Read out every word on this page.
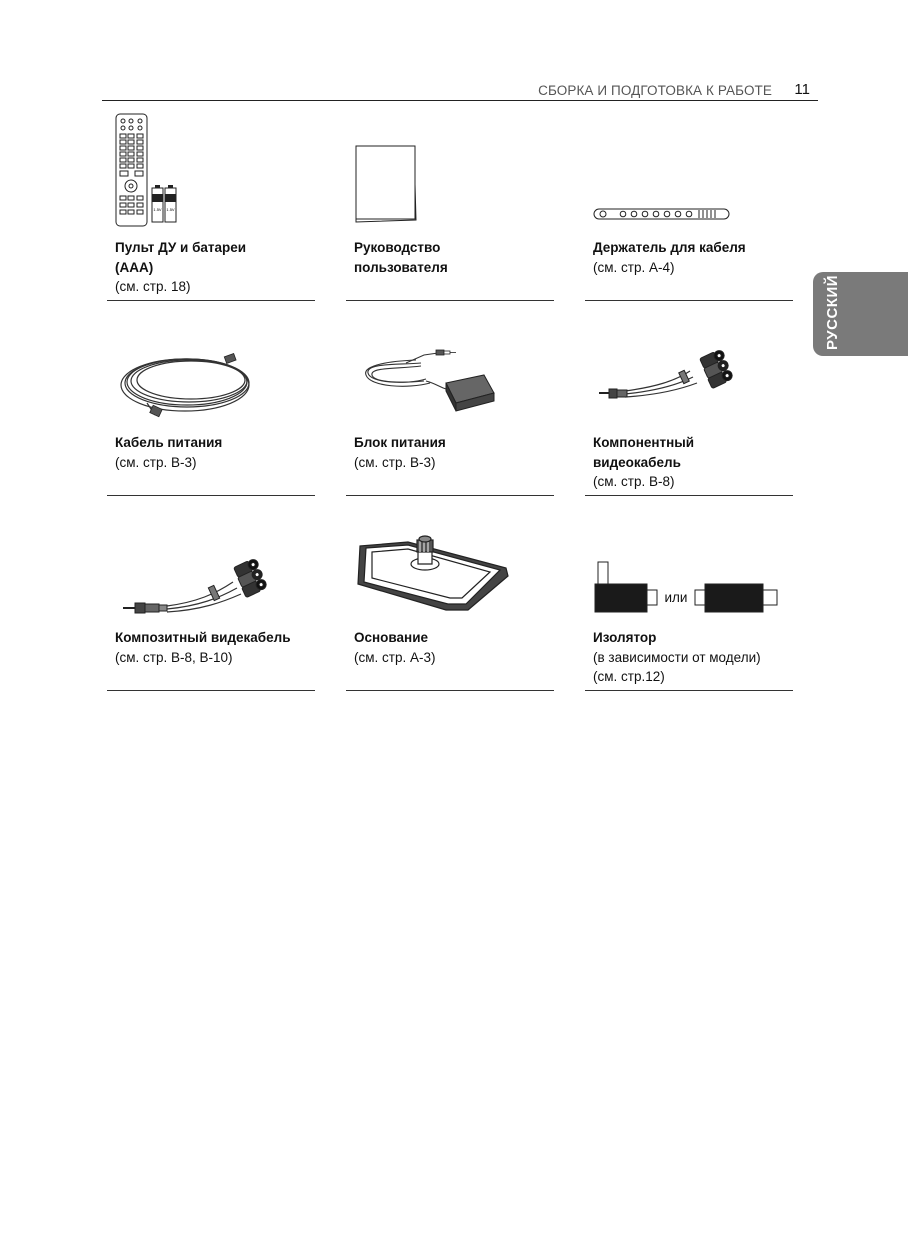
СБОРКА И ПОДГОТОВКА К РАБОТЕ 11
РУССКИЙ
1.5V 1.5V
Пульт ДУ и батареи
(AAA)
(см. стр. 18)
Руководство
пользователя
Держатель для кабеля
(см. стр. A-4)
Кабель питания
(см. стр. B-3)
Блок питания
(см. стр. B-3)
Компонентный
видеокабель
(см. стр. B-8)
Композитный видекабель
(см. стр. B-8, B-10)
Основание
(см. стр. A-3)
или
Изолятор
(в зависимости от модели)
(см. стр.12)
